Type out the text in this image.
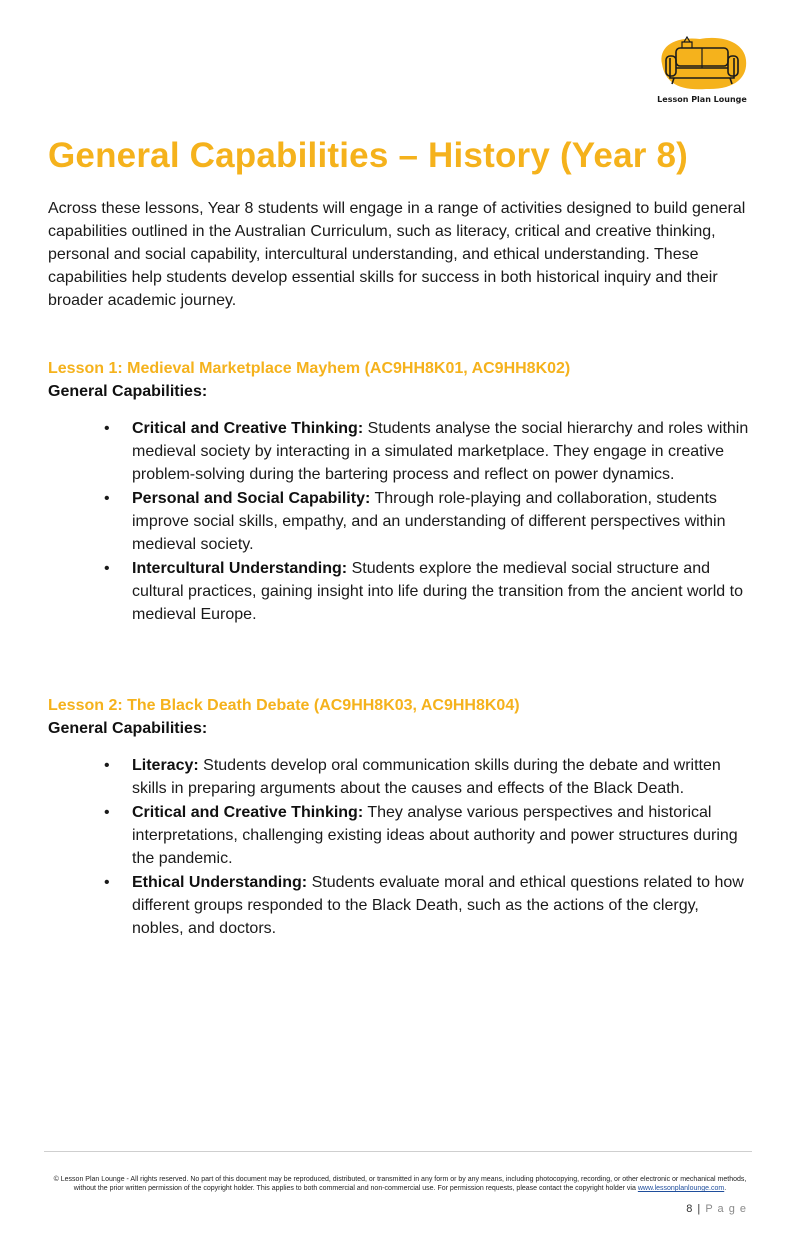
Lesson Plan Lounge
General Capabilities – History (Year 8)

Across these lessons, Year 8 students will engage in a range of activities designed to build general capabilities outlined in the Australian Curriculum, such as literacy, critical and creative thinking, personal and social capability, intercultural understanding, and ethical understanding. These capabilities help students develop essential skills for success in both historical inquiry and their broader academic journey.

Lesson 1: Medieval Marketplace Mayhem (AC9HH8K01, AC9HH8K02)
General Capabilities:
• Critical and Creative Thinking: Students analyse the social hierarchy and roles within medieval society by interacting in a simulated marketplace. They engage in creative problem-solving during the bartering process and reflect on power dynamics.
• Personal and Social Capability: Through role-playing and collaboration, students improve social skills, empathy, and an understanding of different perspectives within medieval society.
• Intercultural Understanding: Students explore the medieval social structure and cultural practices, gaining insight into life during the transition from the ancient world to medieval Europe.
Lesson 2: The Black Death Debate (AC9HH8K03, AC9HH8K04)
General Capabilities:
• Literacy: Students develop oral communication skills during the debate and written skills in preparing arguments about the causes and effects of the Black Death.
• Critical and Creative Thinking: They analyse various perspectives and historical interpretations, challenging existing ideas about authority and power structures during the pandemic.
• Ethical Understanding: Students evaluate moral and ethical questions related to how different groups responded to the Black Death, such as the actions of the clergy, nobles, and doctors.
© Lesson Plan Lounge - All rights reserved. No part of this document may be reproduced, distributed, or transmitted in any form or by any means, including photocopying, recording, or other electronic or mechanical methods, without the prior written permission of the copyright holder. This applies to both commercial and non-commercial use. For permission requests, please contact the copyright holder via www.lessonplanlounge.com.
8 | P a g e
